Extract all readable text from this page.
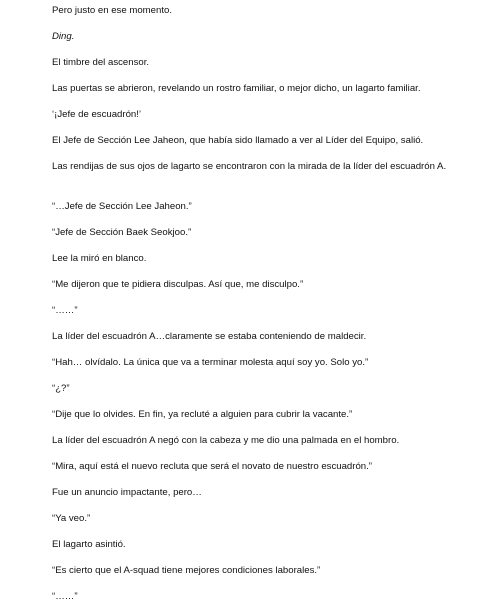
Pero justo en ese momento.

Ding.

El timbre del ascensor.

Las puertas se abrieron, revelando un rostro familiar, o mejor dicho, un lagarto familiar.

‘¡Jefe de escuadrón!’

El Jefe de Sección Lee Jaheon, que había sido llamado a ver al Líder del Equipo, salió.

Las rendijas de sus ojos de lagarto se encontraron con la mirada de la líder del escuadrón A.

“…Jefe de Sección Lee Jaheon.”

“Jefe de Sección Baek Seokjoo.”

Lee la miró en blanco.

“Me dijeron que te pidiera disculpas. Así que, me disculpo.”

“……”

La líder del escuadrón A…claramente se estaba conteniendo de maldecir.

“Hah… olvídalo. La única que va a terminar molesta aquí soy yo. Solo yo.”

“¿?”

“Dije que lo olvides. En fin, ya recluté a alguien para cubrir la vacante.”

La líder del escuadrón A negó con la cabeza y me dio una palmada en el hombro.

“Mira, aquí está el nuevo recluta que será el novato de nuestro escuadrón.”

Fue un anuncio impactante, pero…

“Ya veo.”

El lagarto asintió.

“Es cierto que el A-squad tiene mejores condiciones laborales.”

“……”
